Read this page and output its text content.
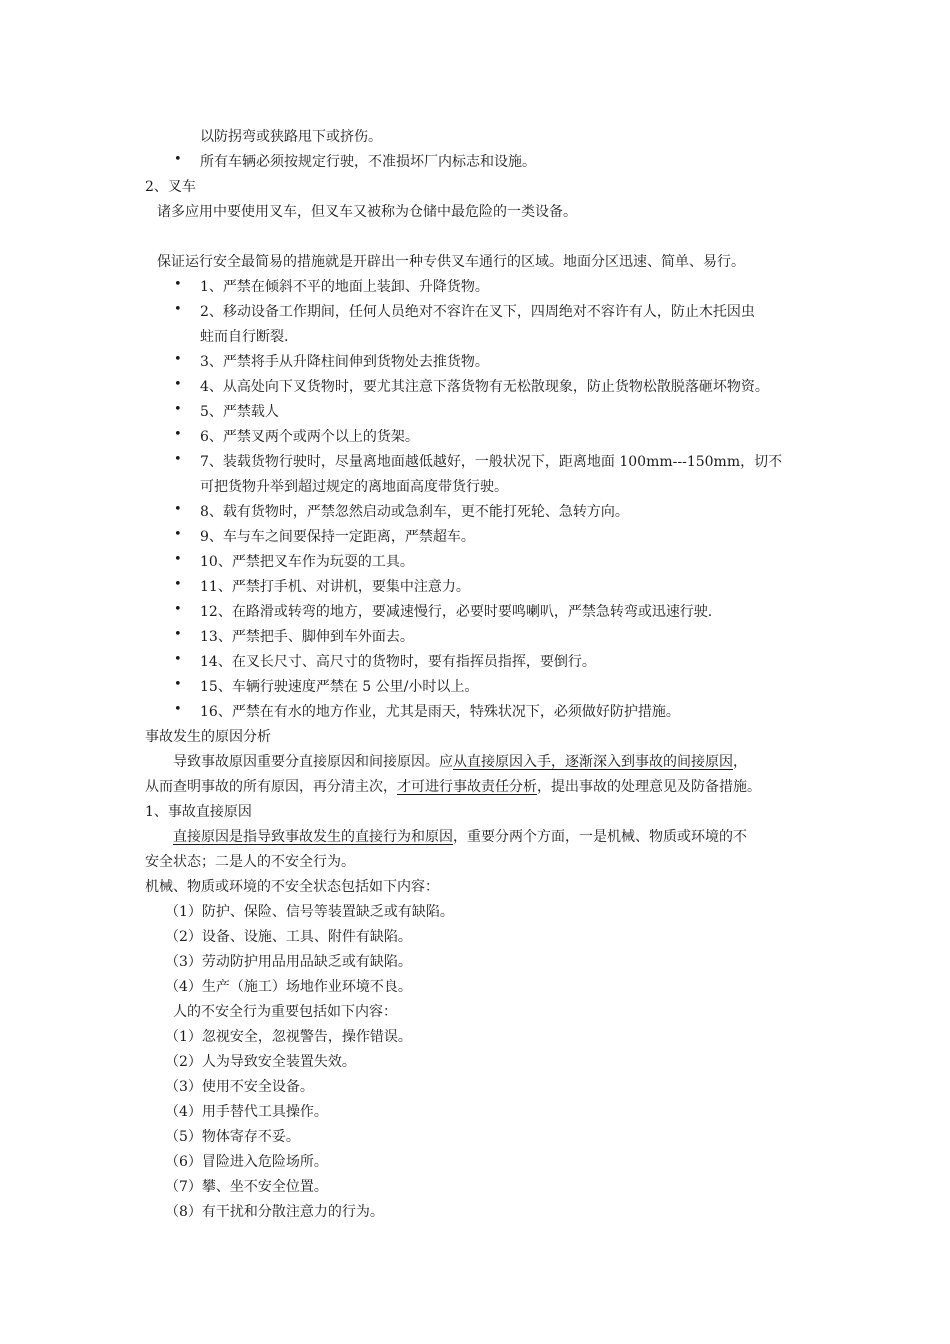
以防拐弯或狭路甩下或挤伤。
• 所有车辆必须按规定行驶，不准损坏厂内标志和设施。
2、叉车
诸多应用中要使用叉车，但叉车又被称为仓储中最危险的一类设备。
保证运行安全最简易的措施就是开辟出一种专供叉车通行的区域。地面分区迅速、简单、易行。
• 1、严禁在倾斜不平的地面上装卸、升降货物。
• 2、移动设备工作期间，任何人员绝对不容许在叉下，四周绝对不容许有人，防止木托因虫
蛀而自行断裂.
• 3、严禁将手从升降柱间伸到货物处去推货物。
• 4、从高处向下叉货物时，要尤其注意下落货物有无松散现象，防止货物松散脱落砸坏物资。
• 5、严禁载人
• 6、严禁叉两个或两个以上的货架。
• 7、装载货物行驶时，尽量离地面越低越好，一般状况下，距离地面 100mm---150mm，切不
可把货物升举到超过规定的离地面高度带货行驶。
• 8、载有货物时，严禁忽然启动或急刹车，更不能打死轮、急转方向。
• 9、车与车之间要保持一定距离，严禁超车。
• 10、严禁把叉车作为玩耍的工具。
• 11、严禁打手机、对讲机，要集中注意力。
• 12、在路滑或转弯的地方，要减速慢行，必要时要鸣喇叭，严禁急转弯或迅速行驶.
• 13、严禁把手、脚伸到车外面去。
• 14、在叉长尺寸、高尺寸的货物时，要有指挥员指挥，要倒行。
• 15、车辆行驶速度严禁在 5 公里/小时以上。
• 16、严禁在有水的地方作业，尤其是雨天，特殊状况下，必须做好防护措施。
事故发生的原因分析
导致事故原因重要分直接原因和间接原因。应从直接原因入手，逐渐深入到事故的间接原因，
从而查明事故的所有原因，再分清主次，才可进行事故责任分析，提出事故的处理意见及防备措施。
1、事故直接原因
直接原因是指导致事故发生的直接行为和原因，重要分两个方面，一是机械、物质或环境的不
安全状态；二是人的不安全行为。
机械、物质或环境的不安全状态包括如下内容：
（1）防护、保险、信号等装置缺乏或有缺陷。
（2）设备、设施、工具、附件有缺陷。
（3）劳动防护用品用品缺乏或有缺陷。
（4）生产（施工）场地作业环境不良。
人的不安全行为重要包括如下内容：
（1）忽视安全，忽视警告，操作错误。
（2）人为导致安全装置失效。
（3）使用不安全设备。
（4）用手替代工具操作。
（5）物体寄存不妥。
（6）冒险进入危险场所。
（7）攀、坐不安全位置。
（8）有干扰和分散注意力的行为。
